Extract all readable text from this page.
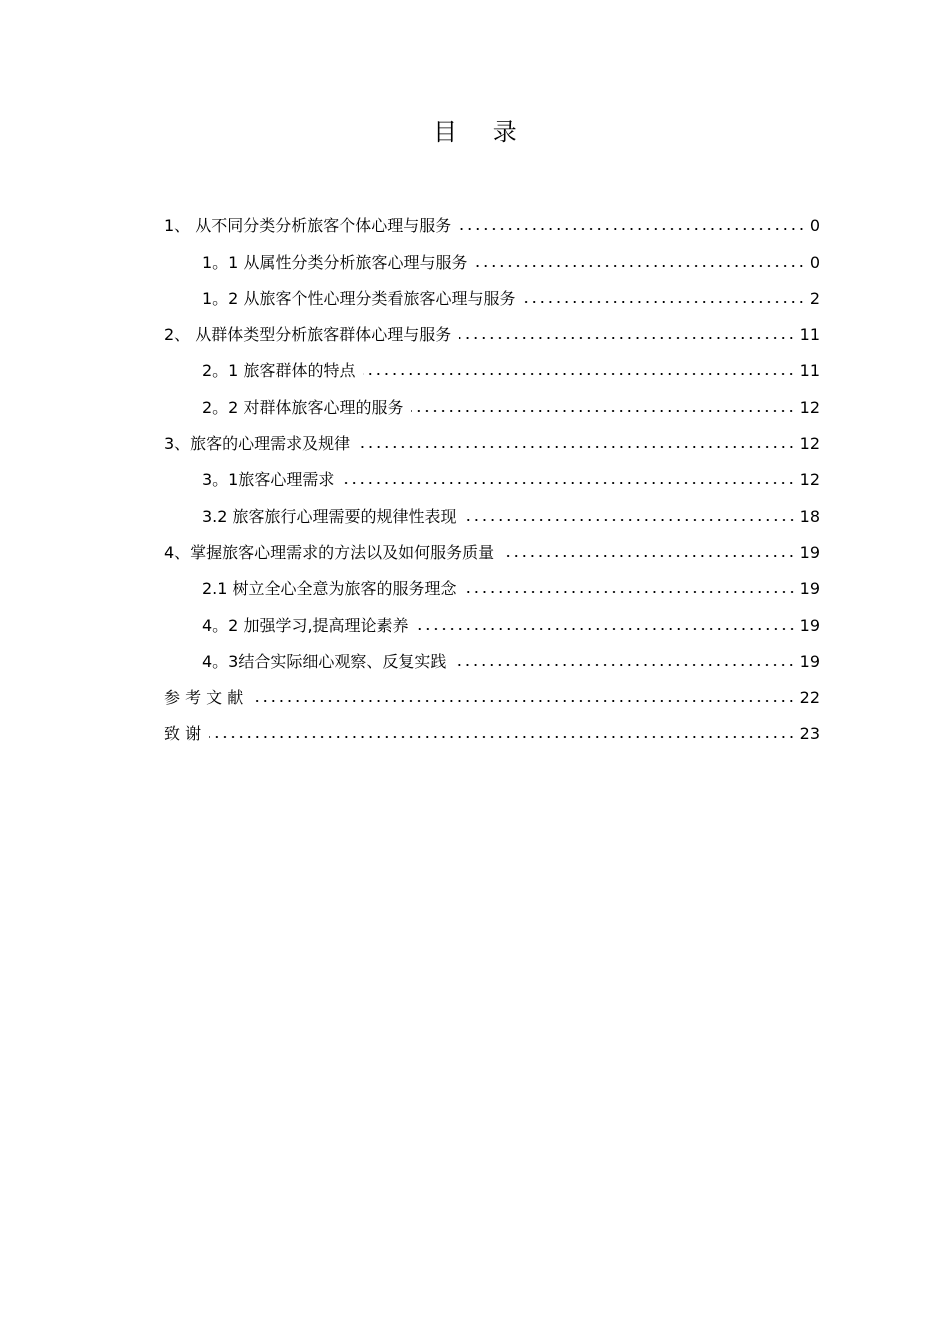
目 录
1、 从不同分类分析旅客个体心理与服务	0
1。1 从属性分类分析旅客心理与服务	0
1。2 从旅客个性心理分类看旅客心理与服务	2
2、 从群体类型分析旅客群体心理与服务	11
2。1 旅客群体的特点	11
2。2 对群体旅客心理的服务	12
3、旅客的心理需求及规律	12
3。1旅客心理需求	12
3.2 旅客旅行心理需要的规律性表现	18
4、掌握旅客心理需求的方法以及如何服务质量	19
2.1 树立全心全意为旅客的服务理念	19
4。2 加强学习,提高理论素养	19
4。3结合实际细心观察、反复实践	19
参 考 文 献	22
致 谢	23
